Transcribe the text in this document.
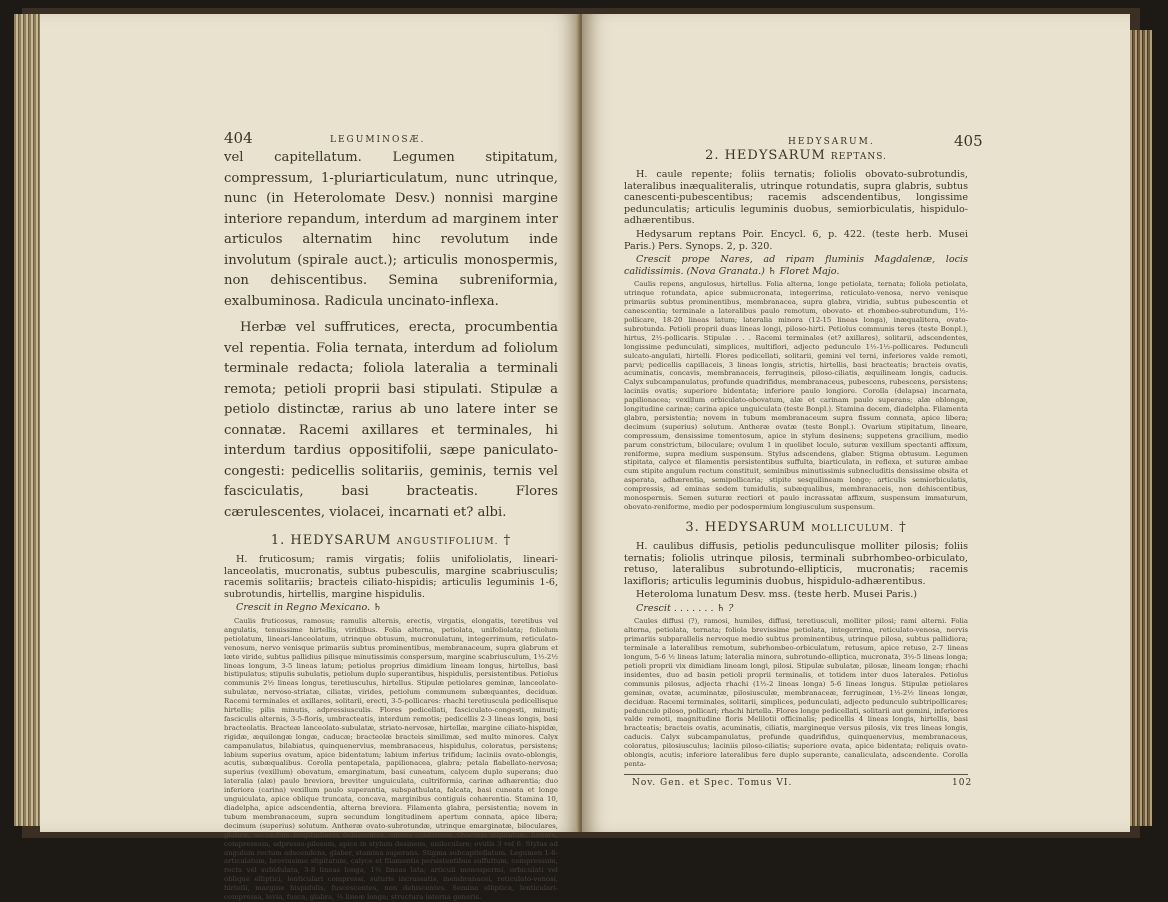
404	LEGUMINOSÆ.

vel capitellatum. Legumen stipitatum, compressum, 1-pluriarticulatum, nunc utrinque, nunc (in Heterolomate Desv.) nonnisi margine interiore repandum, interdum ad marginem inter articulos alternatim hinc revolutum inde involutum (spirale auct.); articulis monospermis, non dehiscentibus. Semina subreniformia, exalbuminosa. Radicula uncinato-inflexa.

Herbæ vel suffrutices, erecta, procumbentia vel repentia. Folia ternata, interdum ad foliolum terminale redacta; foliola lateralia a terminali remota; petioli proprii basi stipulati. Stipulæ a petiolo distinctæ, rarius ab uno latere inter se connatæ. Racemi axillares et terminales, hi interdum tardius oppositifolii, sæpe paniculato-congesti: pedicellis solitariis, geminis, ternis vel fasciculatis, basi bracteatis. Flores cærulescentes, violacei, incarnati et? albi.

1. HEDYSARUM ANGUSTIFOLIUM. †

H. fruticosum; ramis virgatis; foliis unifoliolatis, lineari-lanceolatis, mucronatis, subtus pubesculis, margine scabriusculis; racemis solitariis; bracteis ciliato-hispidis; articulis leguminis 1-6, subrotundis, hirtellis, margine hispidulis.

Crescit in Regno Mexicano. ♄

Caulis fruticosus, ramosus; ramulis alternis, erectis, virgatis, elongatis, teretibus vel angulatis, tenuissime hirtellis, viridibus. Folia alterna, petiolata, unifoliolata; foliolum petiolatum, lineari-lanceolatum, utrinque obtusum, mucronulatum, integerrimum, reticulato-venosum, nervo venisque primariis subtus prominentibus, membranaceum, supra glabrum et læte viride, subtus pallidius pilisque minutissimis conspersum, margine scabriusculum, 1½-2½ lineas longum, 3-5 lineas latum; petiolus proprius dimidium lineam longus, hirtellus, basi bistipulatus; stipulis subulatis, petiolum duplo superantibus, hispidulis, persistentibus. Petiolus communis 2½ lineas longus, teretiusculus, hirtellus. Stipulæ petiolares geminæ, lanceolato-subulatæ, nervoso-striatæ, ciliatæ, virides, petiolum communem subæquantes, deciduæ. Racemi terminales et axillares, solitarii, erecti, 3-5-pollicares: rhachi teretiuscula pedicellisque hirtellis; pilis minutis, adpressiusculis. Flores pedicellati, fasciculato-congesti, minuti; fasciculis alternis, 3-5-floris, umbracteatis, interdum remotis; pedicellis 2-3 lineas longis, basi bracteolatis. Bracteæ lanceolato-subulatæ, striato-nervosæ, hirtellæ, margine ciliato-hispidæ, rigidæ, æquilongæ longæ, caducæ; bracteolæ bracteis similimæ, sed multo minores. Calyx campanulatus, bilabiatus, quinquenervius, membranaceus, hispidulus, coloratus, persistens; labium superius ovatum, apice bidentatum; labium inferius trifidum; laciniis ovato-oblongis, acutis, subæqualibus. Corolla pentapetala, papilionacea, glabra; petala flabellato-nervosa; superius (vexillum) obovatum, emarginatum, basi cuneatum, calycem duplo superans; duo lateralia (alæ) paulo breviora, breviter unguiculata, cultriformia, carinæ adhærentia; duo inferiora (carina) vexillum paulo superantia, subspathulata, falcata, basi cuneata et longe unguiculata, apice oblique truncata, concava, marginibus contiguis cohærentia. Stamina 10, diadelpha, apice adscendentia, alterna breviora. Filamenta glabra, persistentia; novem in tubum membranaceum, supra secundum longitudinem apertum connata, apice libera; decimum (superius) solutum. Antheræ ovato-subrotundæ, utrinque emarginatæ, biloculares, glabræ, secundum longitudinem dehiscentes, omnes conformes. Ovarium stipitatum, lineare, compressum, adpresso-pilosum, apice in stylum desinens, uniloculare; ovulis 3 vel 6. Stylus ad angulum rectum adscendens, glaber, stamina superans. Stigma subcapitellatum. Legumen 1-6-articulatum, breviusime stipitatum, calyce et filamentis persistentibus suffultum, compressum, recta vel subidulata, 3-8 lineas longa, 1½ lineas lata; articuli monospermi, orbiculati vel oblique elliptici, lenticulari compressi, suturis incrassatis, membranacei, reticulato-venosi, hirtelli, margine hispidulis, fuscescentes, non dehiscentes. Semina elliptica, lenticulari-compressa, levia, fusca, glabra, ⅔ lineæ longa; structura interna generis.

HEDYSARUM.	405
2. HEDYSARUM REPTANS.

H. caule repente; foliis ternatis; foliolis obovato-subrotundis, lateralibus inæqualiteralis, utrinque rotundatis, supra glabris, subtus canescenti-pubescentibus; racemis adscendentibus, longissime pedunculatis; articulis leguminis duobus, semiorbiculatis, hispidulo-adhærentibus.

Hedysarum reptans Poir. Encycl. 6, p. 422. (teste herb. Musei Paris.) Pers. Synops. 2, p. 320.

Crescit prope Nares, ad ripam fluminis Magdalenæ, locis calidissimis. (Nova Granata.) ♄ Floret Majo.

Caulis repens, angulosus, hirtellus. Folia alterna, longe petiolata, ternata; foliola petiolata, utrinque rotundata, apice submucronata, integerrima, reticulato-venosa, nervo venisque primariis subtus prominentibus, membranacea, supra glabra, viridia, subtus pubescentia et canescentia; terminale a lateralibus paulo remotum, obovato- et rhombeo-subrotundum, 1½-pollicare, 18-20 lineas latum; lateralia minora (12-15 lineas longa), inæqualitera, ovato-subrotunda. Petioli proprii duas lineas longi, piloso-hirti. Petiolus communis teres (teste Bonpl.), hirtus, 2½-pollicaris. Stipulæ . . . Racemi terminales (et? axillares), solitarii, adscendentes, longissime pedunculati, simplices, multiflori, adjecto pedunculo 1½-1½-pollicares. Pedunculi sulcato-angulati, hirtelli. Flores pedicellati, solitarii, gemini vel terni, inferiores valde remoti, parvi; pedicellis capillaceis, 3 lineas longis, strictis, hirtellis, basi bracteatis; bracteis ovatis, acuminatis, concavis, membranaceis, ferrugineis, piloso-ciliatis, æquilineam longis, caducis. Calyx subcampanulatus, profunde quadrifidus, membranaceus, pubescens, rubescens, persistens; laciniis ovatis; superiore bidentata; inferiore paulo longiore. Corolla (delapsa) incarnata, papilionacea; vexillum orbiculato-obovatum, alæ et carinam paulo superans; alæ oblongæ, longitudine carinæ; carina apice unguiculata (teste Bonpl.). Stamina decem, diadelpha. Filamenta glabra, persistentia; novem in tubum membranaceum supra fissum connata, apice libera; decimum (superius) solutum. Antheræ ovatæ (teste Bonpl.). Ovarium stipitatum, lineare, compressum, densissime tomentosum, apice in stylum desinens; suppetens gracilium, medio parum constrictum, biloculare; ovulum 1 in quolibet loculo, suturæ vexillum spectanti affixum, reniforme, supra medium suspensum. Stylus adscendens, glaber. Stigma obtusum. Legumen stipitata, calyce et filamentis persistentibus suffulta, biarticulata, in reflexa, et suturæ ambae cum stipite angulum rectum constituit, seminibus minutissimis subnecluditis densissime obsita et asperata, adhærentia, semipollicaria; stipite sesquilineam longo; articulis semiorbiculatis, compressis, ad eminas sedem tumidulis, subæqualibus, membranaceis, non dehiscentibus, monospermis. Semen suturæ rectiori et paulo incrassatæ affixum, suspensum immaturum, obovato-reniforme, medio per podospermium longiusculum suspensum.

3. HEDYSARUM MOLLICULUM. †

H. caulibus diffusis, petiolis pedunculisque molliter pilosis; foliis ternatis; foliolis utrinque pilosis, terminali subrhombeo-orbiculato, retuso, lateralibus subrotundo-ellipticis, mucronatis; racemis laxifloris; articulis leguminis duobus, hispidulo-adhærentibus.

Heterolomа lunatum Desv. mss. (teste herb. Musei Paris.)

Crescit . . . . . . . ♄ ?

Caules diffusi (?), ramosi, humiles, diffusi, teretiusculi, molliter pilosi; rami alterni. Folia alterna, petiolata, ternata; foliola brevissime petiolata, integerrima, reticulato-venosa, nervis primariis subparallelis nervoque medio subtus prominentibus, utrinque pilosa, subtus pallidiora; terminale a lateralibus remotum, subrhombeo-orbiculatum, retusum, apice retuso, 2-7 lineas longum, 5-6 ½ lineas latum; lateralia minora, subrotundo-elliptica, mucronata, 3½-5 lineas longa; petioli proprii vix dimidiam lineam longi, pilosi. Stipulæ subulatæ, pilosæ, lineam longæ; rhachi insidentes, duo ad basin petioli proprii terminalis, et totidem inter duos laterales. Petiolus communis pilosus, adjecta rhachi (1½-2 lineas longa) 5-6 lineas longus. Stipulæ petiolares geminæ, ovatæ, acuminatæ, pilosiusculæ, membranaceæ, ferrugineæ, 1½-2½ lineas longæ, deciduæ. Racemi terminales, solitarii, simplices, pedunculati, adjecto pedunculo subtripollicares; pedunculo piloso, pollicari; rhachi hirtella. Flores longe pedicellati, solitarii aut gemini, inferiores valde remoti, magnitudine floris Melilotii officinalis; pedicellis 4 lineas longis, hirtellis, basi bracteatis; bracteis ovatis, acuminatis, ciliatis, margineque versus pilosis, vix tres lineas longis, caducis. Calyx subcampanulatus, profunde quadrifidus, quinquenervius, membranaceus, coloratus, pilosiusculus; laciniis piloso-ciliatis; superiore ovata, apice bidentata; reliquis ovato-oblongis, acutis; inferiore lateralibus fere duplo superante, canaliculata, adscendente. Corolla penta-

Nov. Gen. et Spec. Tomus VI.	102
